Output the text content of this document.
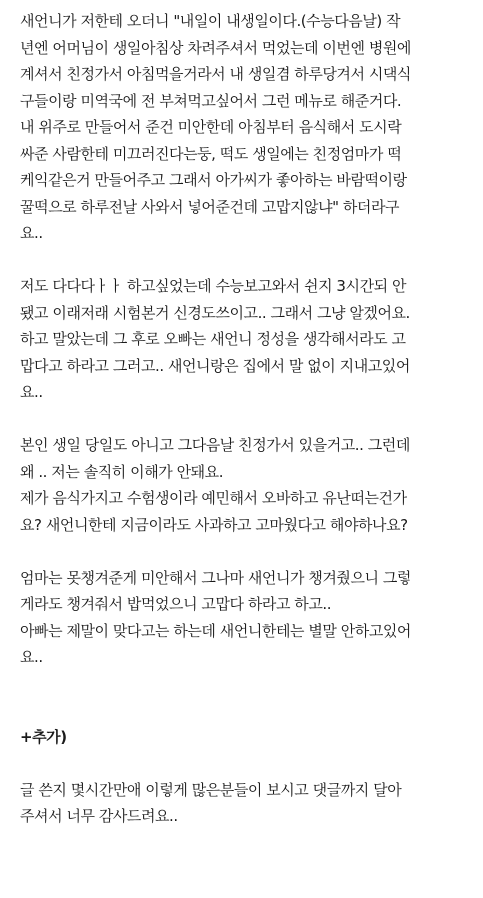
새언니가 저한테 오더니 "내일이 내생일이다.(수능다음날) 작
년엔 어머님이 생일아침상 차려주셔서 먹었는데 이번엔 병원에
계셔서 친정가서 아침먹을거라서 내 생일겸 하루당겨서 시댁식
구들이랑 미역국에 전 부쳐먹고싶어서 그런 메뉴로 해준거다.
내 위주로 만들어서 준건 미안한데 아침부터 음식해서 도시락
싸준 사람한테 미끄러진다는둥, 떡도 생일에는 친정엄마가 떡
케익같은거 만들어주고 그래서 아가씨가 좋아하는 바람떡이랑
꿀떡으로 하루전날 사와서 넣어준건데 고맙지않냐" 하더라구
요..
저도 다다다ㅏㅏ 하고싶었는데 수능보고와서 쉰지 3시간되 안
됐고 이래저래 시험본거 신경도쓰이고.. 그래서 그냥 알겠어요.
하고 말았는데 그 후로 오빠는 새언니 정성을 생각해서라도 고
맙다고 하라고 그러고.. 새언니랑은 집에서 말 없이 지내고있어
요..
본인 생일 당일도 아니고 그다음날 친정가서 있을거고.. 그런데
왜 .. 저는 솔직히 이해가 안돼요.
제가 음식가지고 수험생이라 예민해서 오바하고 유난떠는건가
요? 새언니한테 지금이라도 사과하고 고마웠다고 해야하나요?
엄마는 못챙겨준게 미안해서 그나마 새언니가 챙겨줬으니 그렇
게라도 챙겨줘서 밥먹었으니 고맙다 하라고 하고..
아빠는 제말이 맞다고는 하는데 새언니한테는 별말 안하고있어
요..
+추가)
글 쓴지 몇시간만애 이렇게 많은분들이 보시고 댓글까지 달아
주셔서 너무 감사드려요..
